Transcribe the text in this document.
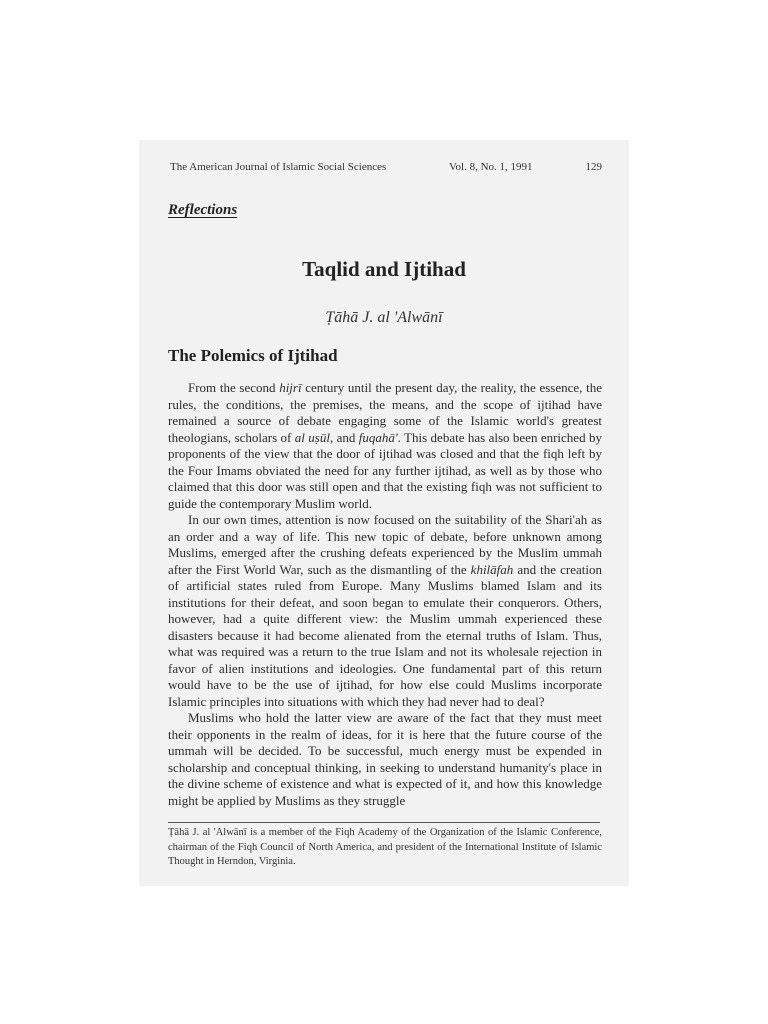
The American Journal of Islamic Social Sciences	Vol. 8, No. 1, 1991	129
Reflections
Taqlid and Ijtihad
Ṭāhā J. al 'Alwānī
The Polemics of Ijtihad

From the second hijrī century until the present day, the reality, the essence, the rules, the conditions, the premises, the means, and the scope of ijtihad have remained a source of debate engaging some of the Islamic world's greatest theologians, scholars of al uṣūl, and fuqahā'. This debate has also been enriched by proponents of the view that the door of ijtihad was closed and that the fiqh left by the Four Imams obviated the need for any further ijtihad, as well as by those who claimed that this door was still open and that the existing fiqh was not sufficient to guide the contemporary Muslim world.

In our own times, attention is now focused on the suitability of the Shari'ah as an order and a way of life. This new topic of debate, before unknown among Muslims, emerged after the crushing defeats experienced by the Muslim ummah after the First World War, such as the dismantling of the khilāfah and the creation of artificial states ruled from Europe. Many Muslims blamed Islam and its institutions for their defeat, and soon began to emulate their conquerors. Others, however, had a quite different view: the Muslim ummah experienced these disasters because it had become alienated from the eternal truths of Islam. Thus, what was required was a return to the true Islam and not its wholesale rejection in favor of alien institutions and ideologies. One fundamental part of this return would have to be the use of ijtihad, for how else could Muslims incorporate Islamic principles into situations with which they had never had to deal?

Muslims who hold the latter view are aware of the fact that they must meet their opponents in the realm of ideas, for it is here that the future course of the ummah will be decided. To be successful, much energy must be expended in scholarship and conceptual thinking, in seeking to understand humanity's place in the divine scheme of existence and what is expected of it, and how this knowledge might be applied by Muslims as they struggle

Ṭāhā J. al 'Alwānī is a member of the Fiqh Academy of the Organization of the Islamic Conference, chairman of the Fiqh Council of North America, and president of the International Institute of Islamic Thought in Herndon, Virginia.
